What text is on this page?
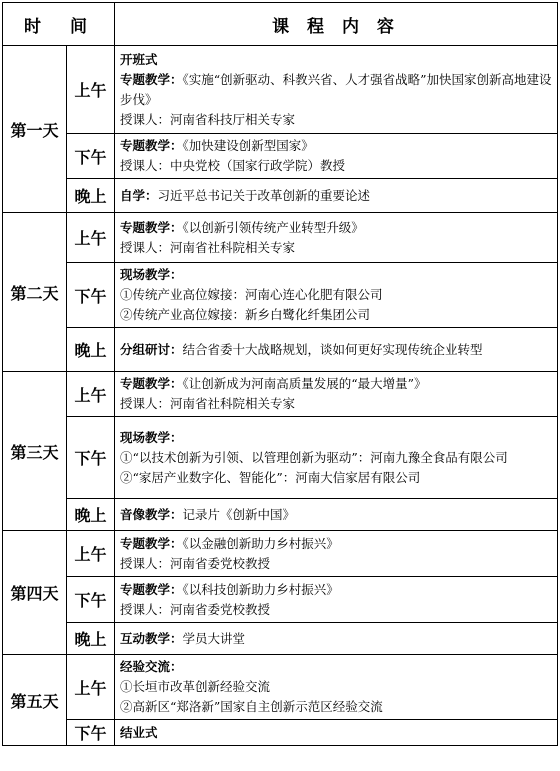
时　间		课 程 内 容
第一天	上午	开班式
专题教学：《实施“创新驱动、科教兴省、人才强省战略”加快国家创新高地建设步伐》
授课人：河南省科技厅相关专家

	下午	专题教学：《加快建设创新型国家》
授课人：中央党校（国家行政学院）教授

	晚上	自学：习近平总书记关于改革创新的重要论述

第二天	上午	专题教学：《以创新引领传统产业转型升级》
授课人：河南省社科院相关专家

	下午	现场教学：
①传统产业高位嫁接：河南心连心化肥有限公司
②传统产业高位嫁接：新乡白鹭化纤集团公司

	晚上	分组研讨：结合省委十大战略规划，谈如何更好实现传统企业转型

第三天	上午	专题教学：《让创新成为河南高质量发展的“最大增量”》
授课人：河南省社科院相关专家

	下午	现场教学：
①“以技术创新为引领、以管理创新为驱动”：河南九豫全食品有限公司
②“家居产业数字化、智能化”：河南大信家居有限公司

	晚上	音像教学：记录片《创新中国》

第四天	上午	专题教学：《以金融创新助力乡村振兴》
授课人：河南省委党校教授

	下午	专题教学：《以科技创新助力乡村振兴》
授课人：河南省委党校教授

	晚上	互动教学：学员大讲堂

第五天	上午	经验交流：
①长垣市改革创新经验交流
②高新区“郑洛新”国家自主创新示范区经验交流

	下午	结业式
